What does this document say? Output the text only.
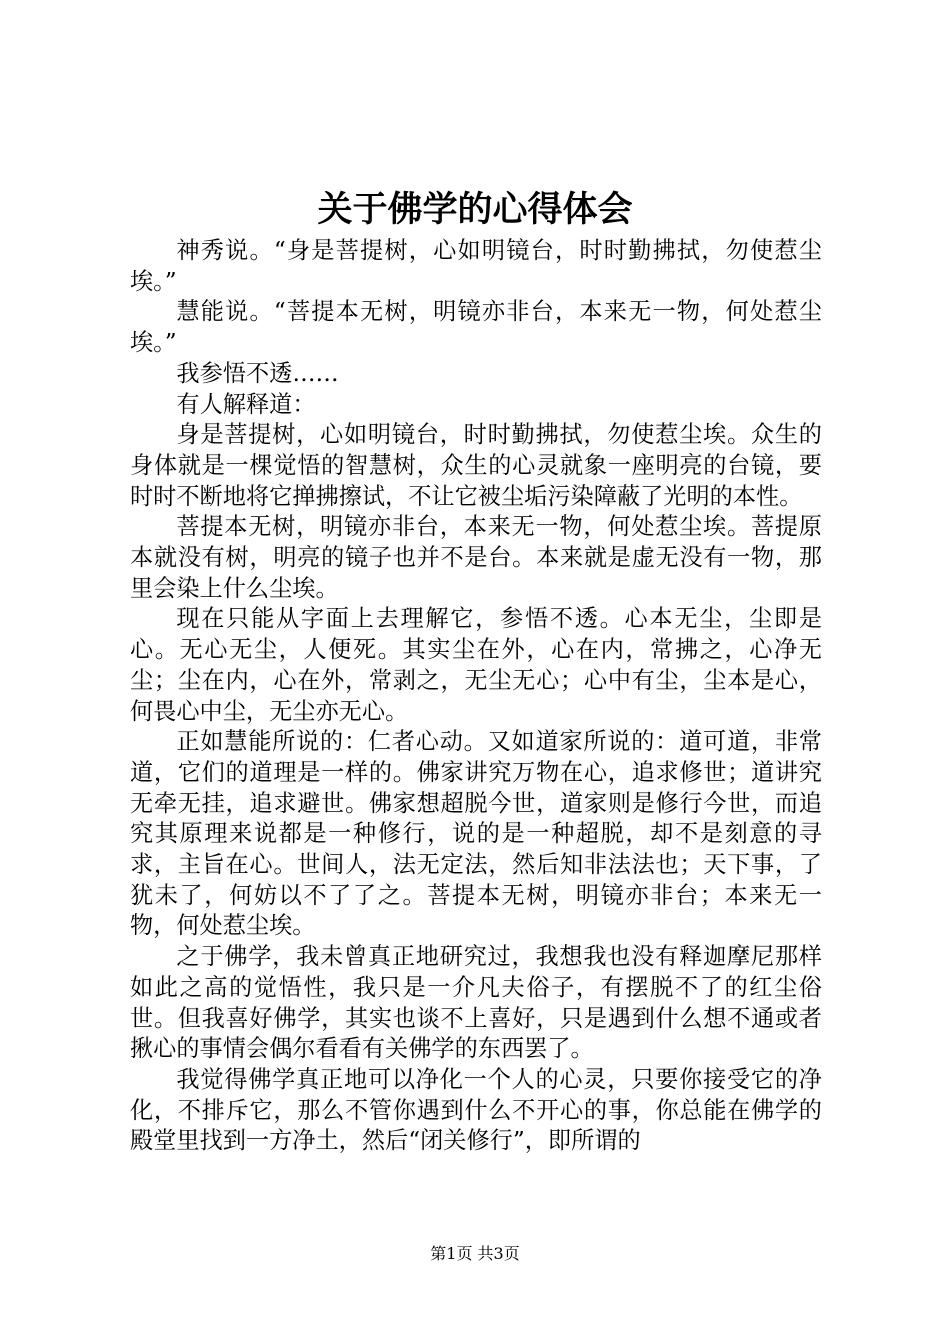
关于佛学的心得体会

神秀说。“身是菩提树，心如明镜台，时时勤拂拭，勿使惹尘埃。”

慧能说。“菩提本无树，明镜亦非台，本来无一物，何处惹尘埃。”

我参悟不透……

有人解释道：

身是菩提树，心如明镜台，时时勤拂拭，勿使惹尘埃。众生的身体就是一棵觉悟的智慧树，众生的心灵就象一座明亮的台镜，要时时不断地将它掸拂擦试，不让它被尘垢污染障蔽了光明的本性。

菩提本无树，明镜亦非台，本来无一物，何处惹尘埃。菩提原本就没有树，明亮的镜子也并不是台。本来就是虚无没有一物，那里会染上什么尘埃。

现在只能从字面上去理解它，参悟不透。心本无尘，尘即是心。无心无尘，人便死。其实尘在外，心在内，常拂之，心净无尘；尘在内，心在外，常剥之，无尘无心；心中有尘，尘本是心，何畏心中尘，无尘亦无心。

正如慧能所说的：仁者心动。又如道家所说的：道可道，非常道，它们的道理是一样的。佛家讲究万物在心，追求修世；道讲究无牵无挂，追求避世。佛家想超脱今世，道家则是修行今世，而追究其原理来说都是一种修行，说的是一种超脱，却不是刻意的寻求，主旨在心。世间人，法无定法，然后知非法法也；天下事，了犹未了，何妨以不了了之。菩提本无树，明镜亦非台；本来无一物，何处惹尘埃。

之于佛学，我未曾真正地研究过，我想我也没有释迦摩尼那样如此之高的觉悟性，我只是一介凡夫俗子，有摆脱不了的红尘俗世。但我喜好佛学，其实也谈不上喜好，只是遇到什么想不通或者揪心的事情会偶尔看看有关佛学的东西罢了。

我觉得佛学真正地可以净化一个人的心灵，只要你接受它的净化，不排斥它，那么不管你遇到什么不开心的事，你总能在佛学的殿堂里找到一方净土，然后“闭关修行”，即所谓的

第1页 共3页
